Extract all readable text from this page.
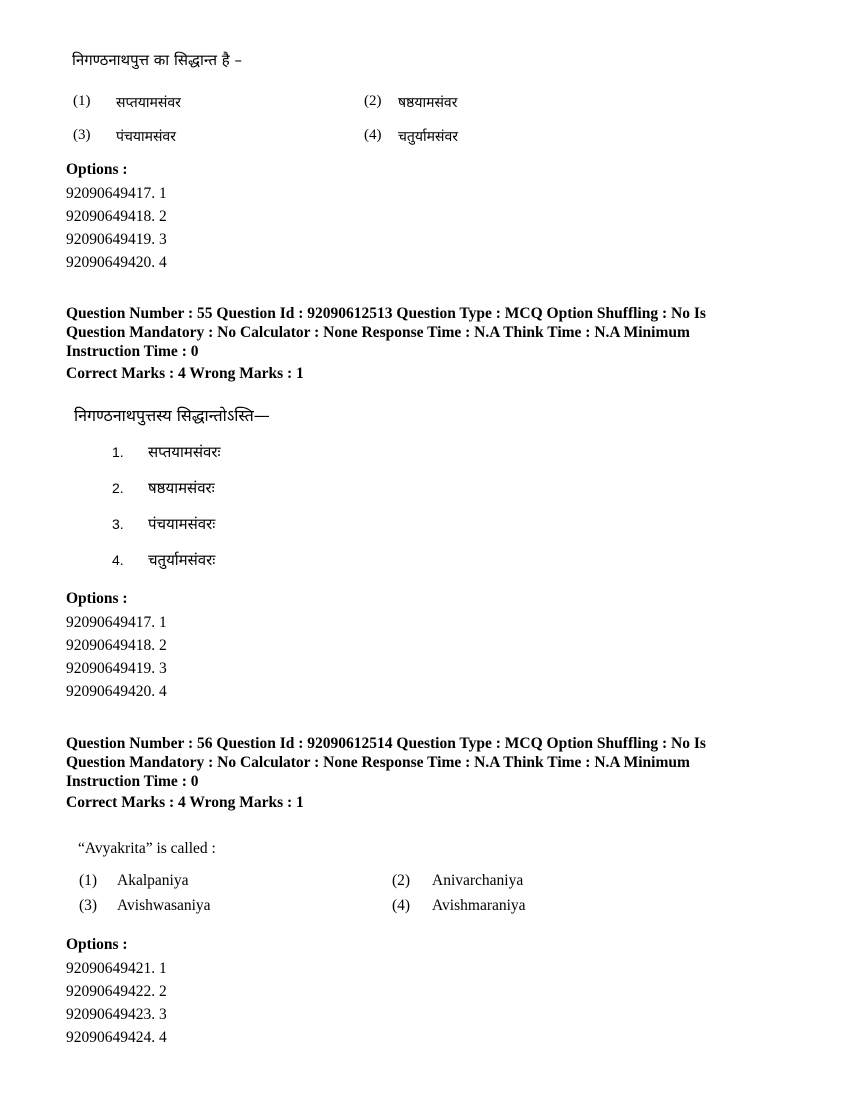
निगण्ठनाथपुत्त का सिद्धान्त है –
(1) सप्तयामसंवर	(2) षष्ठयामसंवर
(3) पंचयामसंवर	(4) चतुर्यामसंवर
Options :
92090649417. 1
92090649418. 2
92090649419. 3
92090649420. 4
Question Number : 55 Question Id : 92090612513 Question Type : MCQ Option Shuffling : No Is Question Mandatory : No Calculator : None Response Time : N.A Think Time : N.A Minimum Instruction Time : 0
Correct Marks : 4 Wrong Marks : 1
निगण्ठनाथपुत्तस्य सिद्धान्तोऽस्ति—
1. सप्तयामसंवरः
2. षष्ठयामसंवरः
3. पंचयामसंवरः
4. चतुर्यामसंवरः
Options :
92090649417. 1
92090649418. 2
92090649419. 3
92090649420. 4
Question Number : 56 Question Id : 92090612514 Question Type : MCQ Option Shuffling : No Is Question Mandatory : No Calculator : None Response Time : N.A Think Time : N.A Minimum Instruction Time : 0
Correct Marks : 4 Wrong Marks : 1
“Avyakrita” is called :
(1) Akalpaniya	(2) Anivarchaniya
(3) Avishwasaniya	(4) Avishmaraniya
Options :
92090649421. 1
92090649422. 2
92090649423. 3
92090649424. 4
